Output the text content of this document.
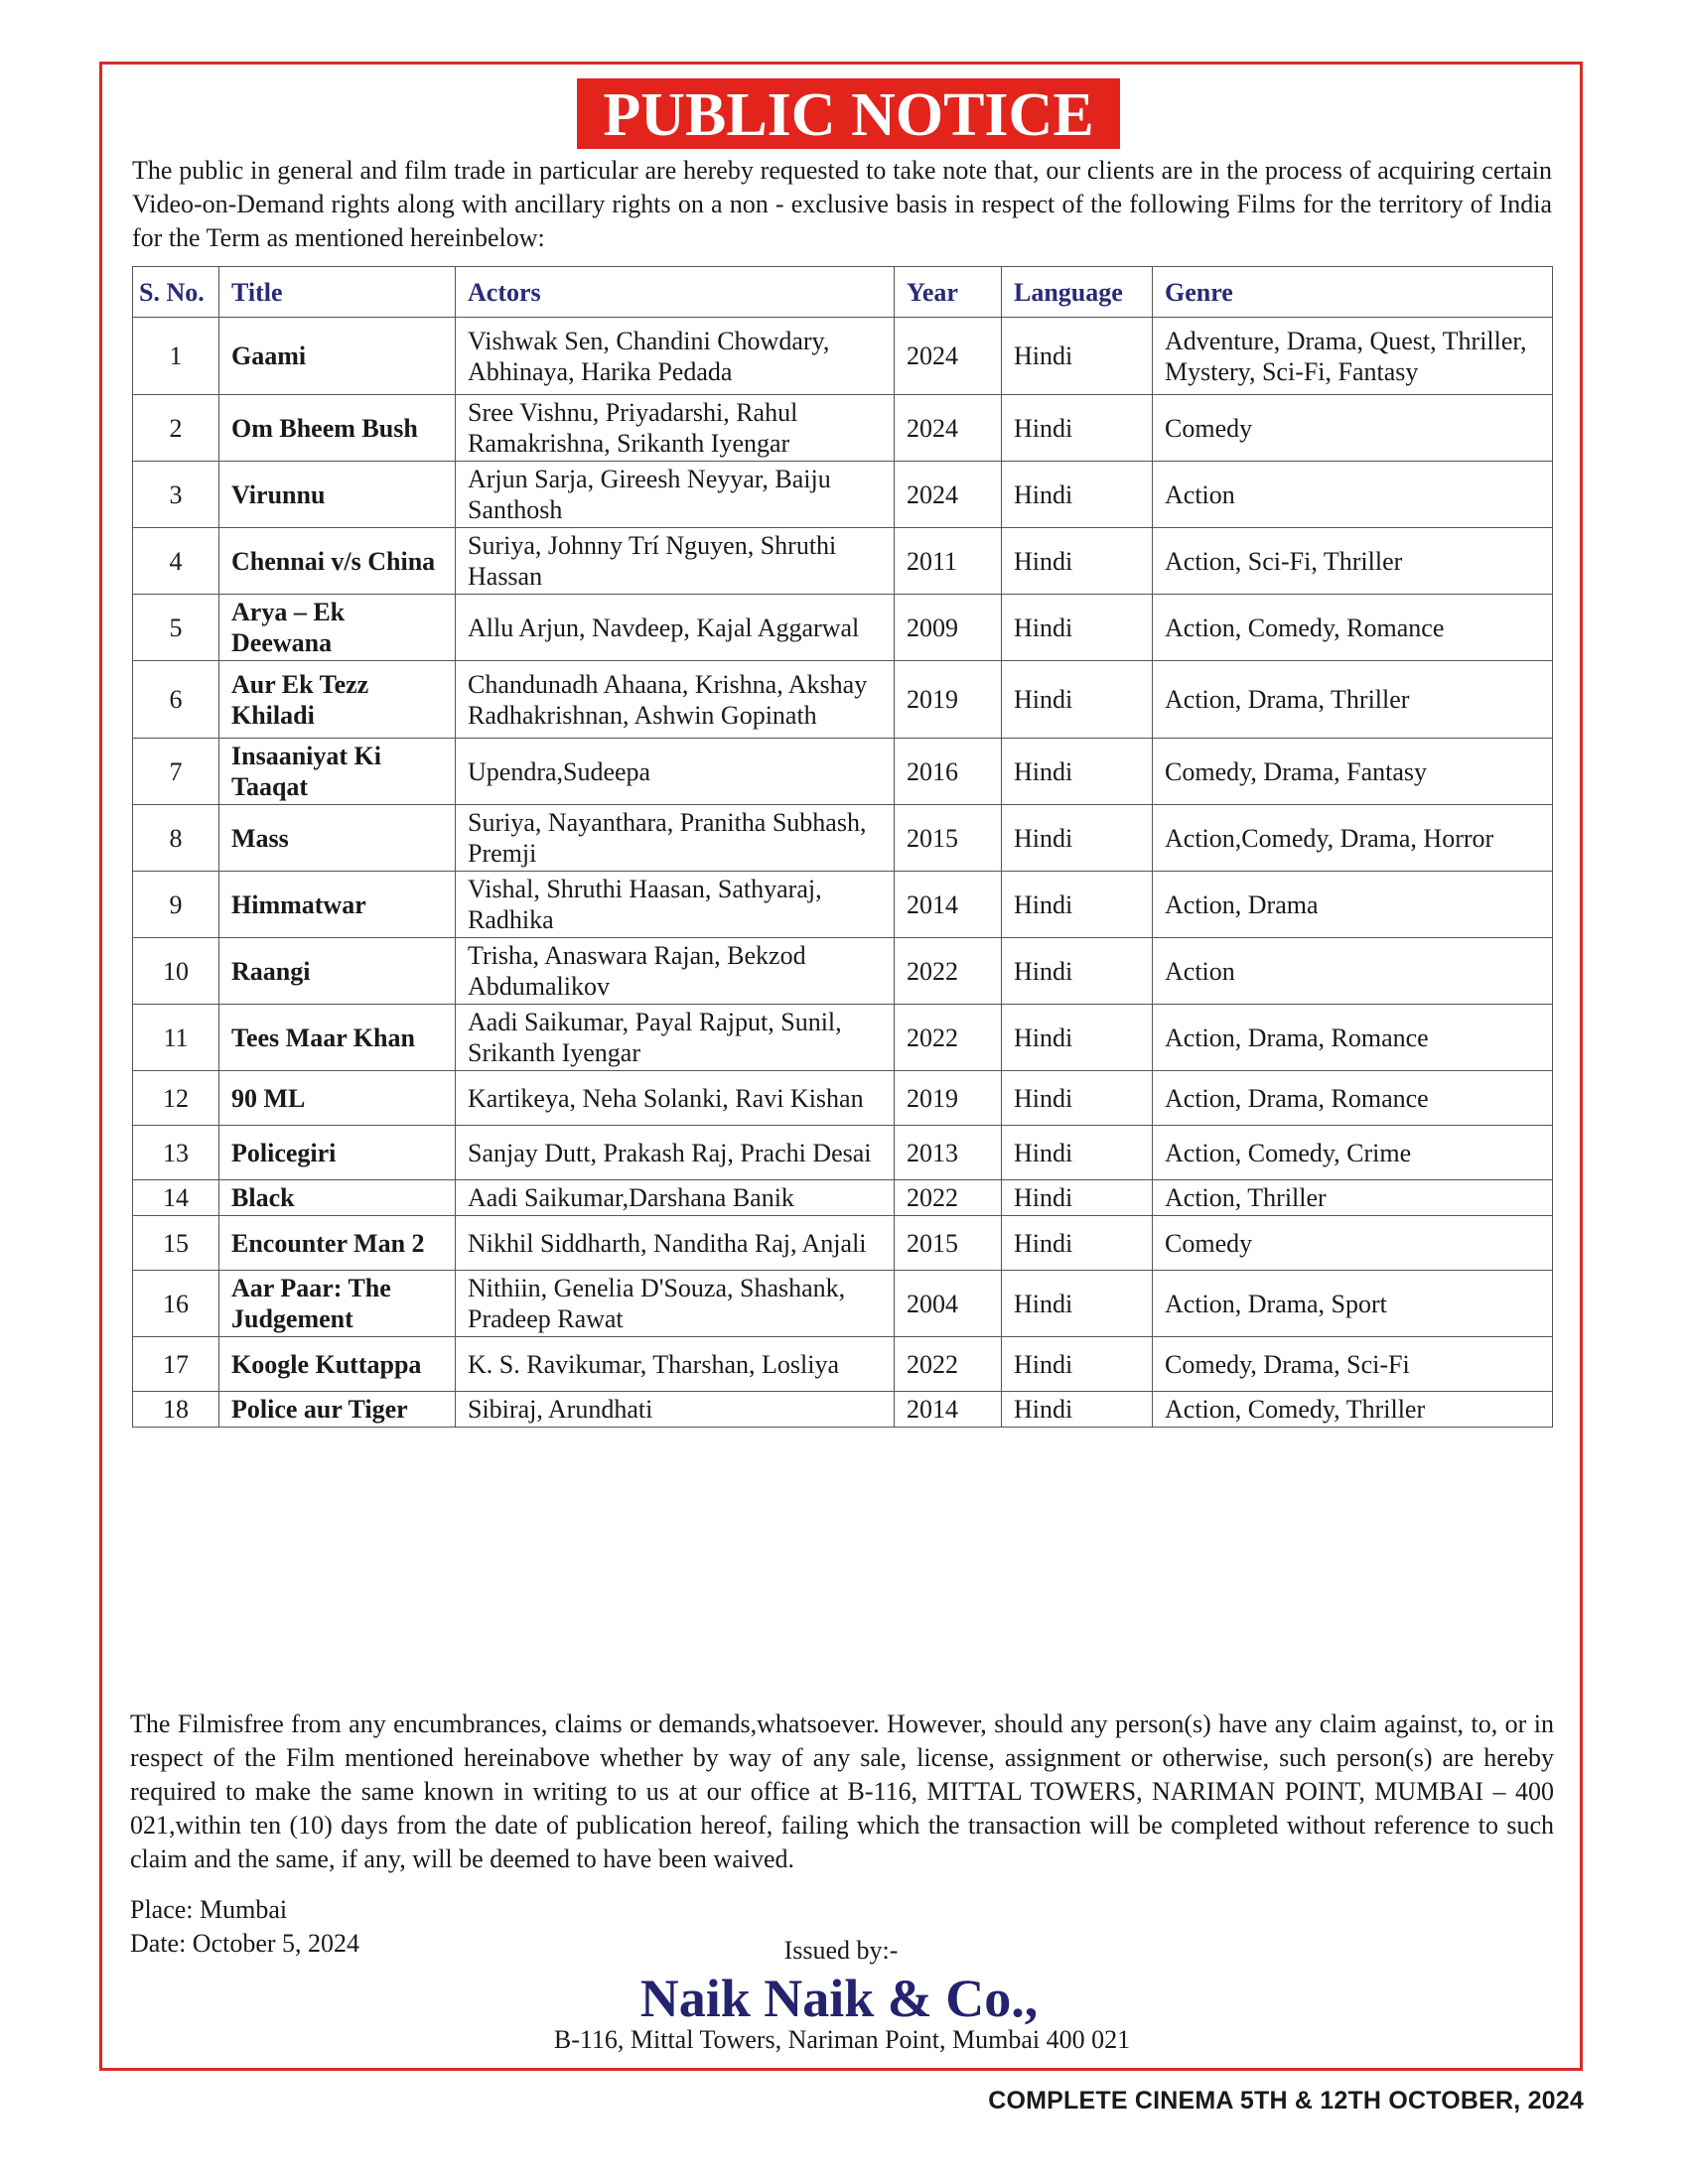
PUBLIC NOTICE
The public in general and film trade in particular are hereby requested to take note that, our clients are in the process of acquiring certain Video-on-Demand rights along with ancillary rights on a non - exclusive basis in respect of the following Films for the territory of India for the Term as mentioned hereinbelow:
S. No.	Title	Actors	Year	Language	Genre
1	Gaami	Vishwak Sen, Chandini Chowdary, Abhinaya, Harika Pedada	2024	Hindi	Adventure, Drama, Quest, Thriller, Mystery, Sci-Fi, Fantasy
2	Om Bheem Bush	Sree Vishnu, Priyadarshi, Rahul Ramakrishna, Srikanth Iyengar	2024	Hindi	Comedy
3	Virunnu	Arjun Sarja, Gireesh Neyyar, Baiju Santhosh	2024	Hindi	Action
4	Chennai v/s China	Suriya, Johnny Trí Nguyen, Shruthi Hassan	2011	Hindi	Action, Sci-Fi, Thriller
5	Arya – Ek Deewana	Allu Arjun, Navdeep, Kajal Aggarwal	2009	Hindi	Action, Comedy, Romance
6	Aur Ek Tezz Khiladi	Chandunadh Ahaana, Krishna, Akshay Radhakrishnan, Ashwin Gopinath	2019	Hindi	Action, Drama, Thriller
7	Insaaniyat Ki Taaqat	Upendra,Sudeepa	2016	Hindi	Comedy, Drama, Fantasy
8	Mass	Suriya, Nayanthara, Pranitha Subhash, Premji	2015	Hindi	Action,Comedy, Drama, Horror
9	Himmatwar	Vishal, Shruthi Haasan, Sathyaraj, Radhika	2014	Hindi	Action, Drama
10	Raangi	Trisha, Anaswara Rajan, Bekzod Abdumalikov	2022	Hindi	Action
11	Tees Maar Khan	Aadi Saikumar, Payal Rajput, Sunil, Srikanth Iyengar	2022	Hindi	Action, Drama, Romance
12	90 ML	Kartikeya, Neha Solanki, Ravi Kishan	2019	Hindi	Action, Drama, Romance
13	Policegiri	Sanjay Dutt, Prakash Raj, Prachi Desai	2013	Hindi	Action, Comedy, Crime
14	Black	Aadi Saikumar,Darshana Banik	2022	Hindi	Action, Thriller
15	Encounter Man 2	Nikhil Siddharth, Nanditha Raj, Anjali	2015	Hindi	Comedy
16	Aar Paar: The Judgement	Nithiin, Genelia D'Souza, Shashank, Pradeep Rawat	2004	Hindi	Action, Drama, Sport
17	Koogle Kuttappa	K. S. Ravikumar, Tharshan, Losliya	2022	Hindi	Comedy, Drama, Sci-Fi
18	Police aur Tiger	Sibiraj, Arundhati	2014	Hindi	Action, Comedy, Thriller
The Filmisfree from any encumbrances, claims or demands,whatsoever. However, should any person(s) have any claim against, to, or in respect of the Film mentioned hereinabove whether by way of any sale, license, assignment or otherwise, such person(s) are hereby required to make the same known in writing to us at our office at B-116, MITTAL TOWERS, NARIMAN POINT, MUMBAI – 400 021,within ten (10) days from the date of publication hereof, failing which the transaction will be completed without reference to such claim and the same, if any, will be deemed to have been waived.
Place: Mumbai
Date: October 5, 2024	Issued by:-
Naik Naik & Co.,
B-116, Mittal Towers, Nariman Point, Mumbai 400 021
COMPLETE CINEMA 5TH & 12TH OCTOBER, 2024
